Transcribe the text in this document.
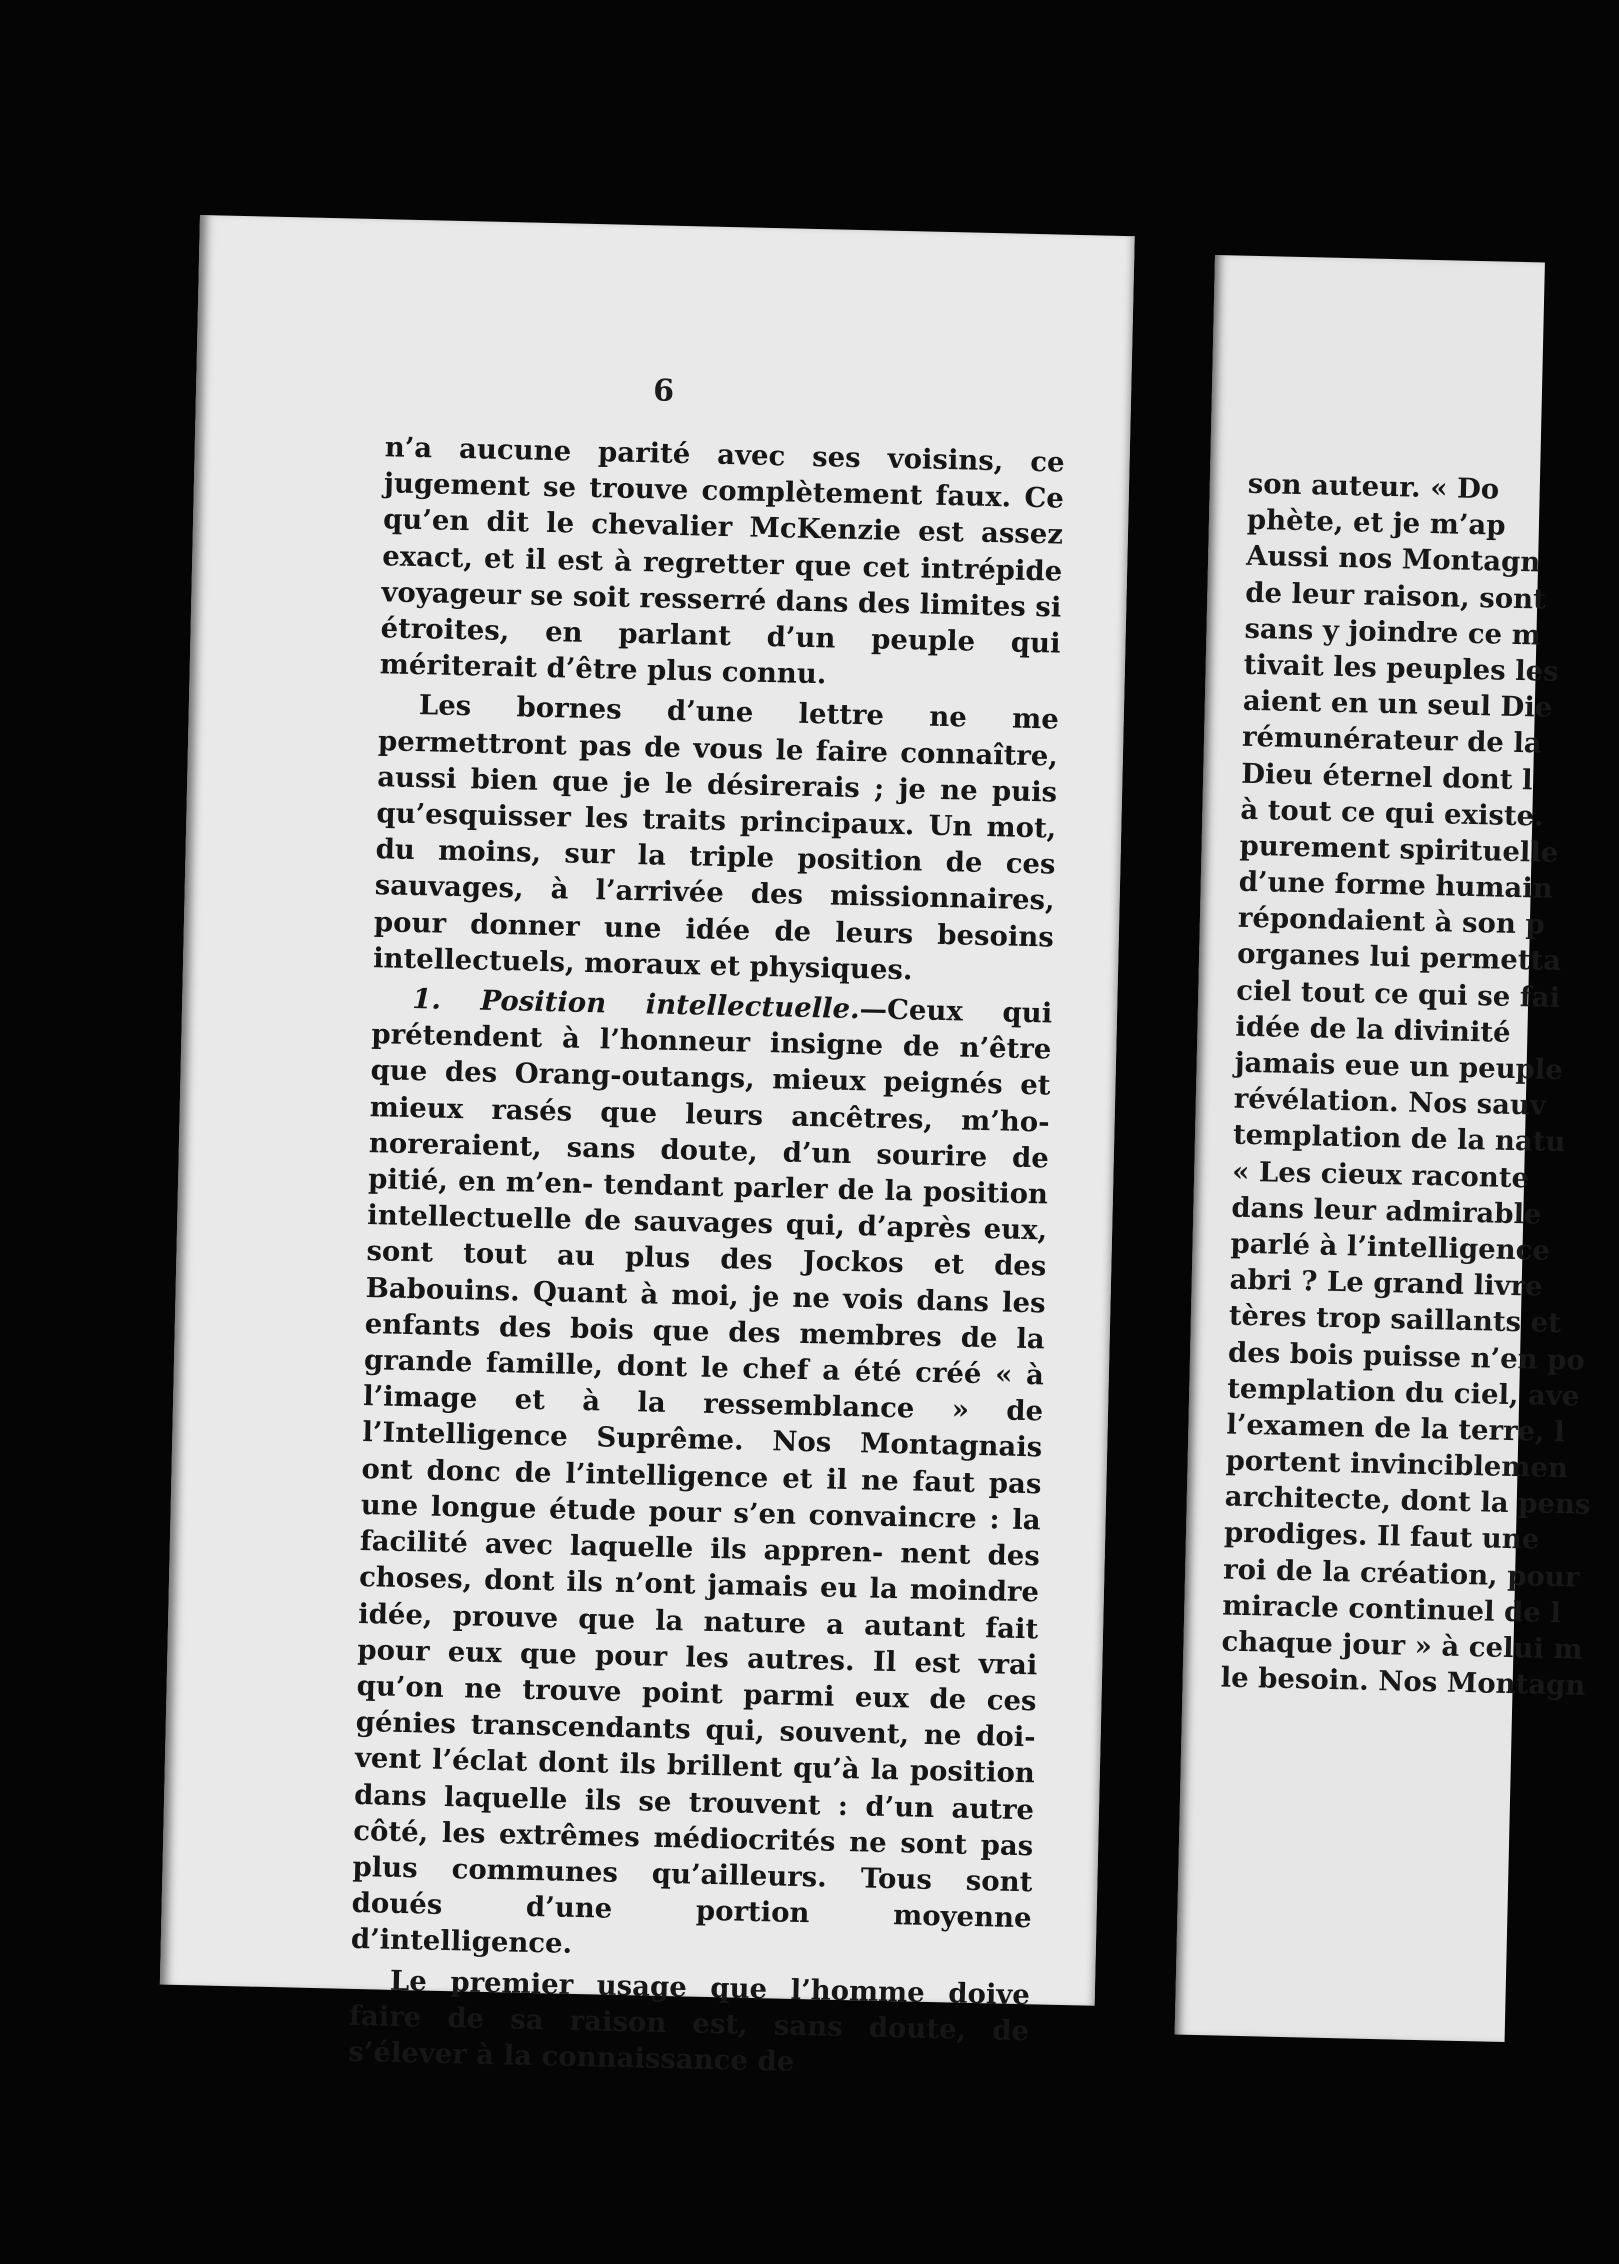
6

n’a aucune parité avec ses voisins, ce jugement se trouve complètement faux. Ce qu’en dit le chevalier McKenzie est assez exact, et il est à regretter que cet intrépide voyageur se soit resserré dans des limites si étroites, en parlant d’un peuple qui mériterait d’être plus connu.

Les bornes d’une lettre ne me permettront pas de vous le faire connaître, aussi bien que je le désirerais ; je ne puis qu’esquisser les traits principaux. Un mot, du moins, sur la triple position de ces sauvages, à l’arrivée des missionnaires, pour donner une idée de leurs besoins intellectuels, moraux et physiques.

1. Position intellectuelle.—Ceux qui prétendent à l’honneur insigne de n’être que des Orang-outangs, mieux peignés et mieux rasés que leurs ancêtres, m’ho- noreraient, sans doute, d’un sourire de pitié, en m’en- tendant parler de la position intellectuelle de sauvages qui, d’après eux, sont tout au plus des Jockos et des Babouins. Quant à moi, je ne vois dans les enfants des bois que des membres de la grande famille, dont le chef a été créé « à l’image et à la ressemblance » de l’Intelligence Suprême. Nos Montagnais ont donc de l’intelligence et il ne faut pas une longue étude pour s’en convaincre : la facilité avec laquelle ils appren- nent des choses, dont ils n’ont jamais eu la moindre idée, prouve que la nature a autant fait pour eux que pour les autres. Il est vrai qu’on ne trouve point parmi eux de ces génies transcendants qui, souvent, ne doi- vent l’éclat dont ils brillent qu’à la position dans laquelle ils se trouvent : d’un autre côté, les extrêmes médiocrités ne sont pas plus communes qu’ailleurs. Tous sont doués d’une portion moyenne d’intelligence.

Le premier usage que l’homme doive faire de sa raison est, sans doute, de s’élever à la connaissance de

son auteur. « Do
phète, et je m’ap
Aussi nos Montagn
de leur raison, sont
sans y joindre ce m
tivait les peuples les
aient en un seul Die
rémunérateur de la
Dieu éternel dont l
à tout ce qui existe.
purement spirituelle
d’une forme humain
répondaient à son p
organes lui permetta
ciel tout ce qui se fai
idée de la divinité
jamais eue un peuple
révélation. Nos sauv
templation de la natu
« Les cieux raconte
dans leur admirable
parlé à l’intelligence
abri ? Le grand livre
tères trop saillants et
des bois puisse n’en po
templation du ciel, ave
l’examen de la terre, l
portent invinciblemen
architecte, dont la pens
prodiges. Il faut une
roi de la création, pour
miracle continuel de l
chaque jour » à celui m
le besoin. Nos Montagn
